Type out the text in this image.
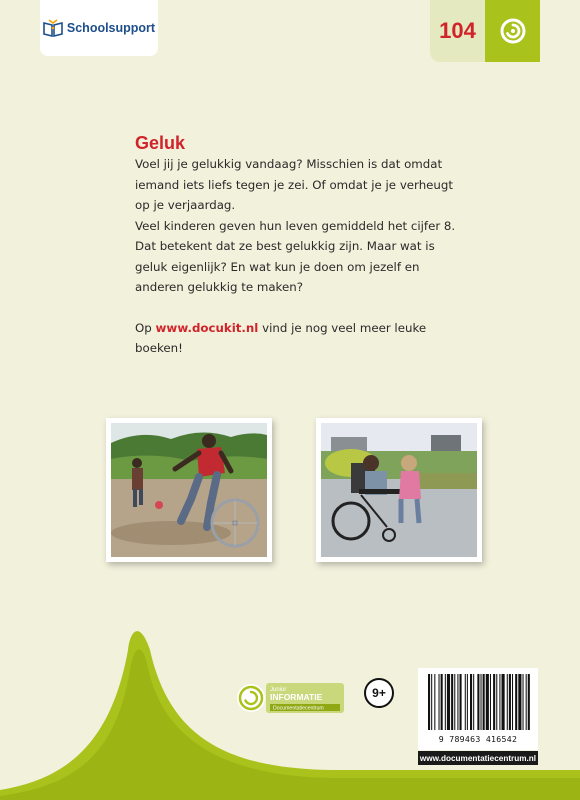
Schoolsupport	104
Geluk

Voel jij je gelukkig vandaag? Misschien is dat omdat iemand iets liefs tegen je zei. Of omdat je je verheugt op je verjaardag.

Veel kinderen geven hun leven gemiddeld het cijfer 8. Dat betekent dat ze best gelukkig zijn. Maar wat is geluk eigenlijk? En wat kun je doen om jezelf en anderen gelukkig te maken?

Op www.docukit.nl vind je nog veel meer leuke boeken!

Junior
INFORMATIE
Documentatiecentrum
9+
9 789463 416542
www.documentatiecentrum.nl
